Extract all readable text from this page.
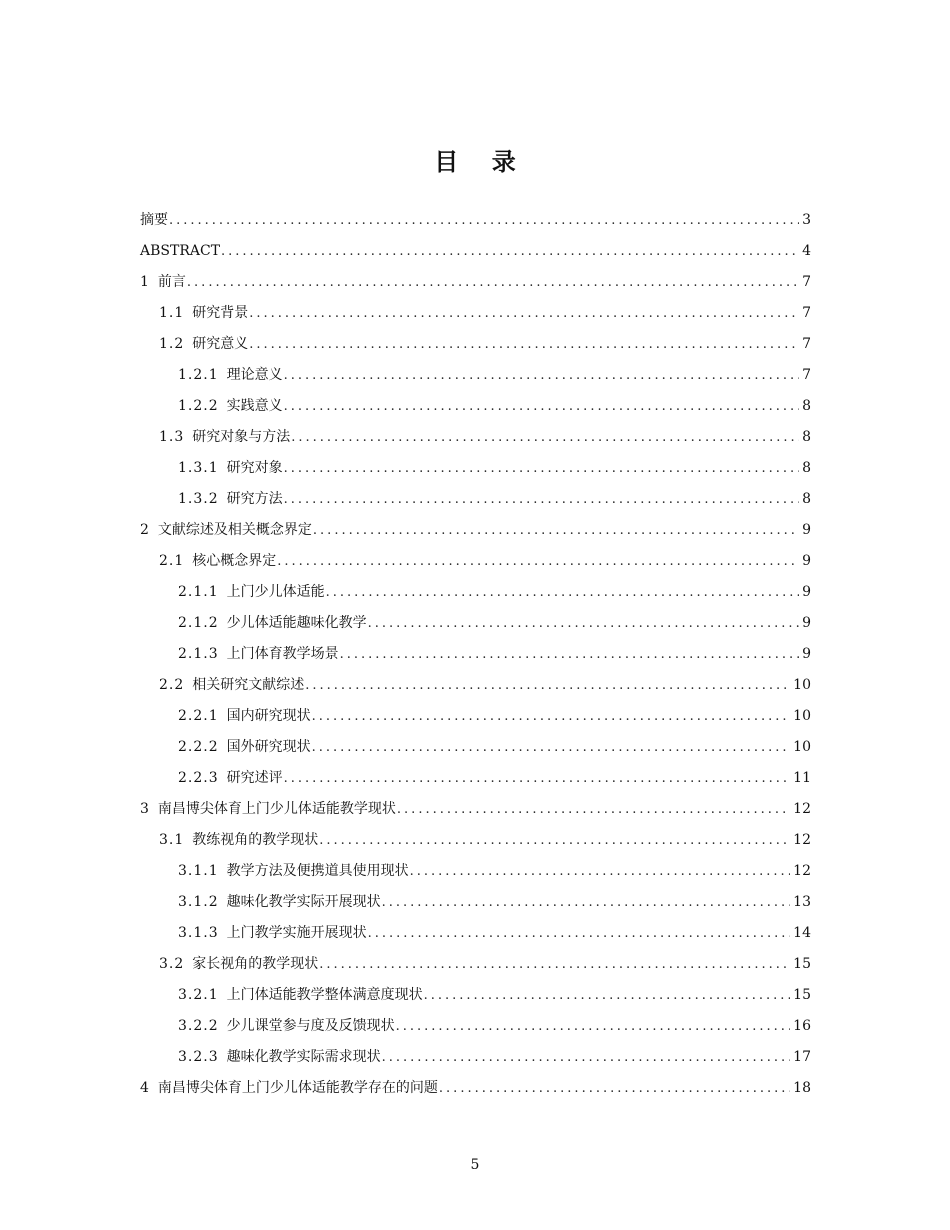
目    录
摘要 .....	3
ABSTRACT .....	4
1 前言 .....	7
1.1 研究背景 .....	7
1.2 研究意义 .....	7
1.2.1 理论意义 .....	7
1.2.2 实践意义 .....	8
1.3 研究对象与方法 .....	8
1.3.1 研究对象 .....	8
1.3.2 研究方法 .....	8
2 文献综述及相关概念界定 .....	9
2.1 核心概念界定 .....	9
2.1.1 上门少儿体适能 .....	9
2.1.2 少儿体适能趣味化教学 .....	9
2.1.3 上门体育教学场景 .....	9
2.2 相关研究文献综述 .....	10
2.2.1 国内研究现状 .....	10
2.2.2 国外研究现状 .....	10
2.2.3 研究述评 .....	11
3 南昌博尖体育上门少儿体适能教学现状 .....	12
3.1 教练视角的教学现状 .....	12
3.1.1 教学方法及便携道具使用现状 .....	12
3.1.2 趣味化教学实际开展现状 .....	13
3.1.3 上门教学实施开展现状 .....	14
3.2 家长视角的教学现状 .....	15
3.2.1 上门体适能教学整体满意度现状 .....	15
3.2.2 少儿课堂参与度及反馈现状 .....	16
3.2.3 趣味化教学实际需求现状 .....	17
4 南昌博尖体育上门少儿体适能教学存在的问题 .....	18
5
